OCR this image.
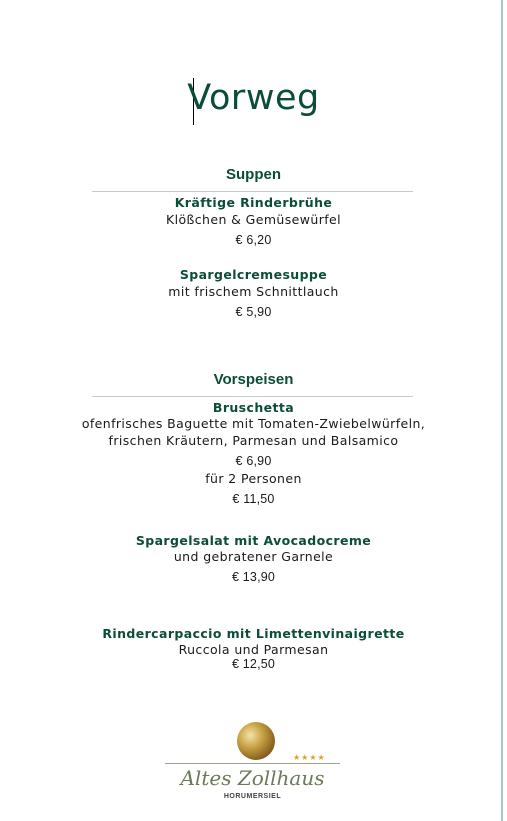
Vorweg
Suppen
Kräftige Rinderbrühe
Klößchen & Gemüsewürfel
€ 6,20
Spargelcremesuppe
mit frischem Schnittlauch
€ 5,90
Vorspeisen
Bruschetta
ofenfrisches Baguette mit Tomaten-Zwiebelwürfeln,
frischen Kräutern, Parmesan und Balsamico
€ 6,90
für 2 Personen
€ 11,50
Spargelsalat mit Avocadocreme
und gebratener Garnele
€ 13,90
Rindercarpaccio mit Limettenvinaigrette
Ruccola und Parmesan
€ 12,50
★★★★
Altes Zollhaus
HORUMERSIEL
